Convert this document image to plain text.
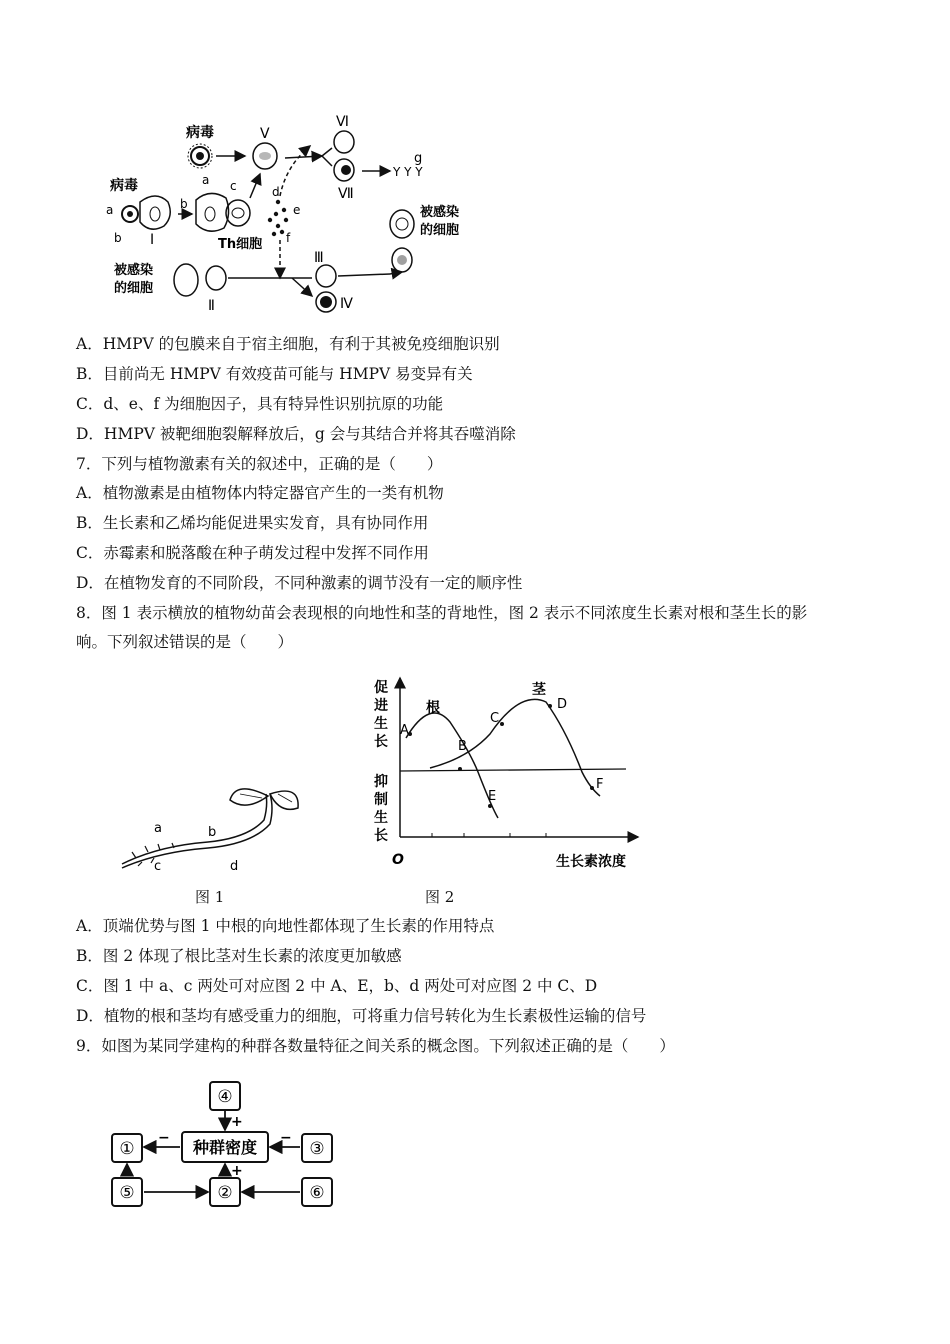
病毒	Ⅴ
Ⅵ
Ⅶ
Y Y Y
g
病毒
a
b Ⅰ
b
a
Th细胞
c	d
e
f
被感染
的细胞
Ⅱ
Ⅲ
Ⅳ
被感染
的细胞
A．HMPV 的包膜来自于宿主细胞，有利于其被免疫细胞识别
B．目前尚无 HMPV 有效疫苗可能与 HMPV 易变异有关
C．d、e、f 为细胞因子，具有特异性识别抗原的功能
D．HMPV 被靶细胞裂解释放后，g 会与其结合并将其吞噬消除
7．下列与植物激素有关的叙述中，正确的是（　　）
A．植物激素是由植物体内特定器官产生的一类有机物
B．生长素和乙烯均能促进果实发育，具有协同作用
C．赤霉素和脱落酸在种子萌发过程中发挥不同作用
D．在植物发育的不同阶段，不同种激素的调节没有一定的顺序性
8．图 1 表示横放的植物幼苗会表现根的向地性和茎的背地性，图 2 表示不同浓度生长素对根和茎生长的影
响。下列叙述错误的是（　　）
a	b
c	d
图 1
O
促
进
生
长
抑
制
生
长
生长素浓度
根
茎
A
B
C
D
E
F
图 2
A．顶端优势与图 1 中根的向地性都体现了生长素的作用特点
B．图 2 体现了根比茎对生长素的浓度更加敏感
C．图 1 中 a、c 两处可对应图 2 中 A、E，b、d 两处可对应图 2 中 C、D
D．植物的根和茎均有感受重力的细胞，可将重力信号转化为生长素极性运输的信号
9．如图为某同学建构的种群各数量特征之间关系的概念图。下列叙述正确的是（　　）
④
种群密度
①	③
⑤	②	⑥
+
−	−
+
